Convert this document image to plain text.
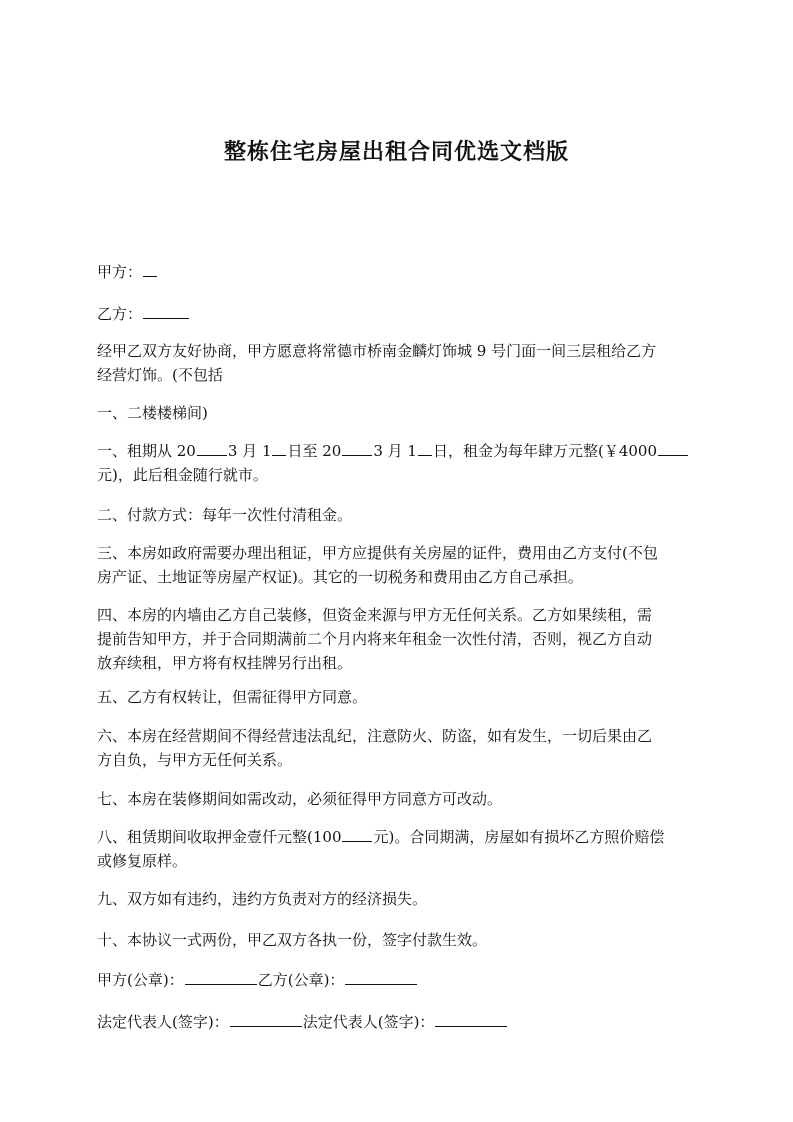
整栋住宅房屋出租合同优选文档版
甲方：
乙方：
经甲乙双方友好协商，甲方愿意将常德市桥南金麟灯饰城 9 号门面一间三层租给乙方
经营灯饰。(不包括
一、二楼楼梯间)
一、租期从 20 3 月 1 日至 20 3 月 1 日，租金为每年肆万元整(￥4000
元)，此后租金随行就市。
二、付款方式：每年一次性付清租金。
三、本房如政府需要办理出租证，甲方应提供有关房屋的证件，费用由乙方支付(不包
房产证、土地证等房屋产权证)。其它的一切税务和费用由乙方自己承担。
四、本房的内墙由乙方自己装修，但资金来源与甲方无任何关系。乙方如果续租，需
提前告知甲方，并于合同期满前二个月内将来年租金一次性付清，否则，视乙方自动
放弃续租，甲方将有权挂牌另行出租。
五、乙方有权转让，但需征得甲方同意。
六、本房在经营期间不得经营违法乱纪，注意防火、防盗，如有发生，一切后果由乙
方自负，与甲方无任何关系。
七、本房在装修期间如需改动，必须征得甲方同意方可改动。
八、租赁期间收取押金壹仟元整(100 元)。合同期满，房屋如有损坏乙方照价赔偿
或修复原样。
九、双方如有违约，违约方负责对方的经济损失。
十、本协议一式两份，甲乙双方各执一份，签字付款生效。
甲方(公章)：	乙方(公章)：
法定代表人(签字)：	法定代表人(签字)：
